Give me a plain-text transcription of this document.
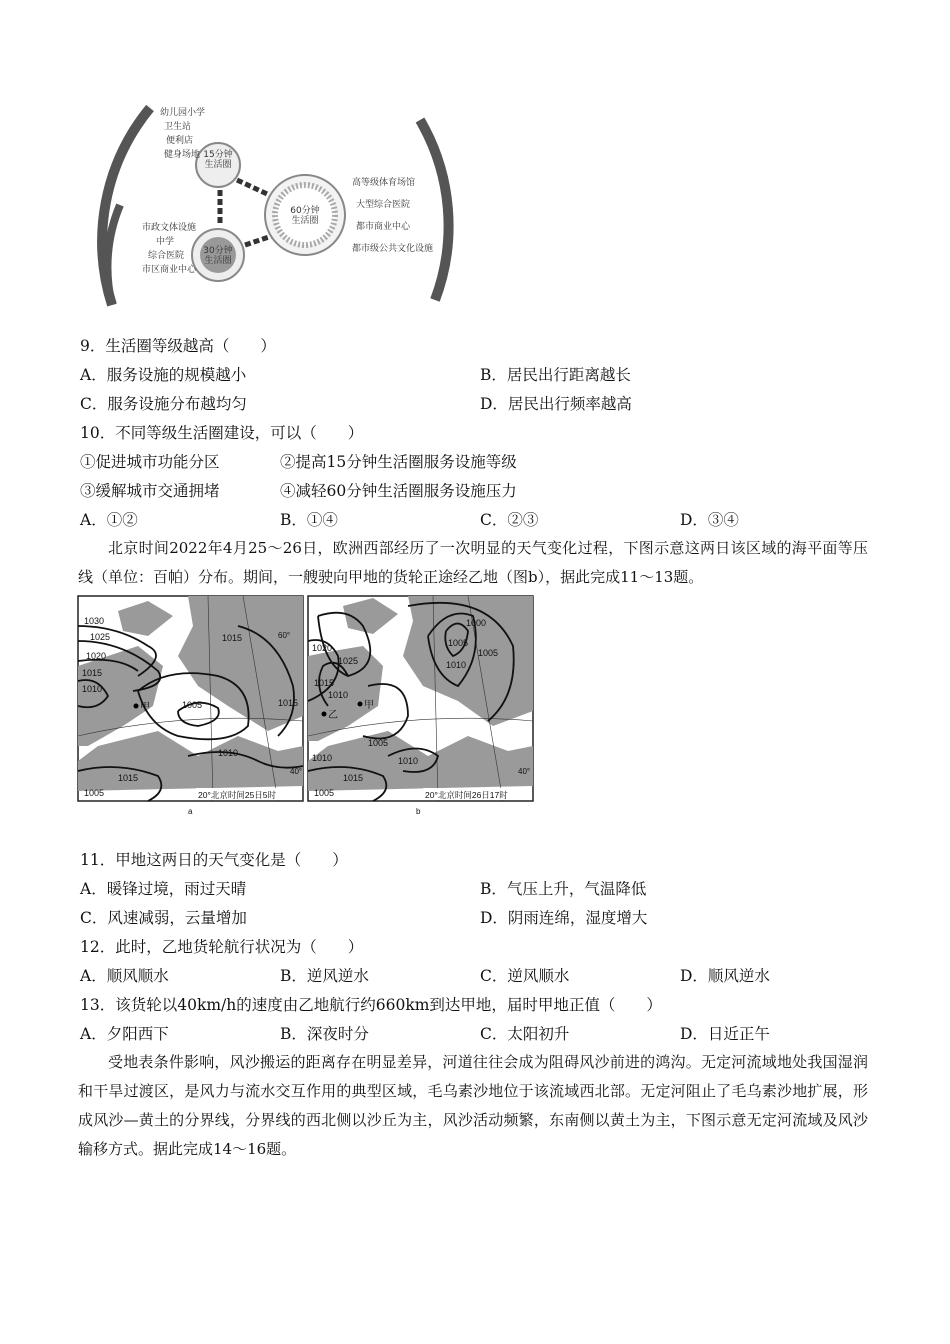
15分钟生活圈
30分钟生活圈
60分钟生活圈
幼儿园小学
卫生站
便利店
健身场地
市政文体设施
中学
综合医院
市区商业中心
高等级体育场馆
大型综合医院
都市商业中心
都市级公共文化设施
9．生活圈等级越高（　　）
A．服务设施的规模越小	B．居民出行距离越长
C．服务设施分布越均匀	D．居民出行频率越高
10．不同等级生活圈建设，可以（　　）
①促进城市功能分区	②提高15分钟生活圈服务设施等级
③缓解城市交通拥堵	④减轻60分钟生活圈服务设施压力
A．①②	B．①④	C．②③	D．③④
北京时间2022年4月25～26日，欧洲西部经历了一次明显的天气变化过程，下图示意这两日该区域的海平面等压线（单位：百帕）分布。期间，一艘驶向甲地的货轮正途经乙地（图b），据此完成11～13题。
1030
1025
1020
1015
1010
1005
1015
1015
1010
1015
1005
甲
60°
40°
20°北京时间25日5时
a
1020
1025
1015
1010
1010
1005
1000
1005
1005
1010
1015
1010
1005
甲
乙
40°
20°北京时间26日17时
b
11．甲地这两日的天气变化是（　　）
A．暖锋过境，雨过天晴	B．气压上升，气温降低
C．风速减弱，云量增加	D．阴雨连绵，湿度增大
12．此时，乙地货轮航行状况为（　　）
A．顺风顺水	B．逆风逆水	C．逆风顺水	D．顺风逆水
13．该货轮以40km/h的速度由乙地航行约660km到达甲地，届时甲地正值（　　）
A．夕阳西下	B．深夜时分	C．太阳初升	D．日近正午
受地表条件影响，风沙搬运的距离存在明显差异，河道往往会成为阻碍风沙前进的鸿沟。无定河流域地处我国湿润和干旱过渡区，是风力与流水交互作用的典型区域，毛乌素沙地位于该流域西北部。无定河阻止了毛乌素沙地扩展，形成风沙—黄土的分界线，分界线的西北侧以沙丘为主，风沙活动频繁，东南侧以黄土为主，下图示意无定河流域及风沙输移方式。据此完成14～16题。
